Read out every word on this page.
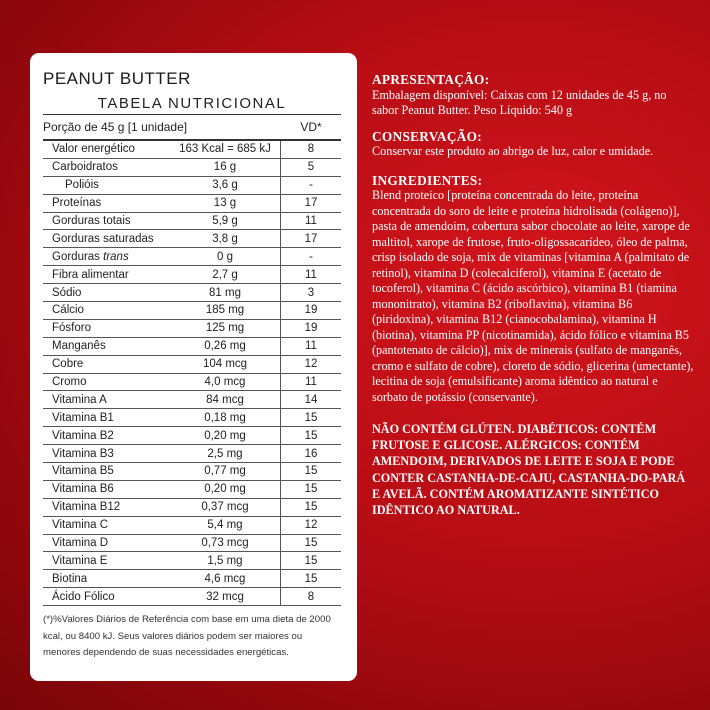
PEANUT BUTTER
TABELA NUTRICIONAL
Porção de 45 g [1 unidade]	VD*
Valor energético	163 Kcal = 685 kJ	8
Carboidratos	16 g	5
Polióis	3,6 g	-
Proteínas	13 g	17
Gorduras totais	5,9 g	11
Gorduras saturadas	3,8 g	17
Gorduras trans	0 g	-
Fibra alimentar	2,7 g	11
Sódio	81 mg	3
Cálcio	185 mg	19
Fósforo	125 mg	19
Manganês	0,26 mg	11
Cobre	104 mcg	12
Cromo	4,0 mcg	11
Vitamina A	84 mcg	14
Vitamina B1	0,18 mg	15
Vitamina B2	0,20 mg	15
Vitamina B3	2,5 mg	16
Vitamina B5	0,77 mg	15
Vitamina B6	0,20 mg	15
Vitamina B12	0,37 mcg	15
Vitamina C	5,4 mg	12
Vitamina D	0,73 mcg	15
Vitamina E	1,5 mg	15
Biotina	4,6 mcg	15
Ácido Fólico	32 mcg	8
(*)%Valores Diários de Referência com base em uma dieta de 2000 kcal, ou 8400 kJ. Seus valores diários podem ser maiores ou menores dependendo de suas necessidades energéticas.

APRESENTAÇÃO:

Embalagem disponível: Caixas com 12 unidades de 45 g, no sabor Peanut Butter. Peso Líquido: 540 g

CONSERVAÇÃO:

Conservar este produto ao abrigo de luz, calor e umidade.

INGREDIENTES:

Blend proteico [proteína concentrada do leite, proteína concentrada do soro de leite e proteína hidrolisada (colágeno)], pasta de amendoim, cobertura sabor chocolate ao leite, xarope de maltitol, xarope de frutose, fruto-oligossacarídeo, óleo de palma, crisp isolado de soja, mix de vitaminas [vitamina A (palmitato de retinol), vitamina D (colecalciferol), vitamina E (acetato de tocoferol), vitamina C (ácido ascórbico), vitamina B1 (tiamina mononitrato), vitamina B2 (riboflavina), vitamina B6 (piridoxina), vitamina B12 (cianocobalamina), vitamina H (biotina), vitamina PP (nicotinamida), ácido fólico e vitamina B5 (pantotenato de cálcio)], mix de minerais (sulfato de manganês, cromo e sulfato de cobre), cloreto de sódio, glicerina (umectante), lecitina de soja (emulsificante) aroma idêntico ao natural e sorbato de potássio (conservante).

NÃO CONTÉM GLÚTEN. DIABÉTICOS: CONTÉM FRUTOSE E GLICOSE. ALÉRGICOS: CONTÉM AMENDOIM, DERIVADOS DE LEITE E SOJA E PODE CONTER CASTANHA-DE-CAJU, CASTANHA-DO-PARÁ E AVELÃ. CONTÉM AROMATIZANTE SINTÉTICO IDÊNTICO AO NATURAL.
